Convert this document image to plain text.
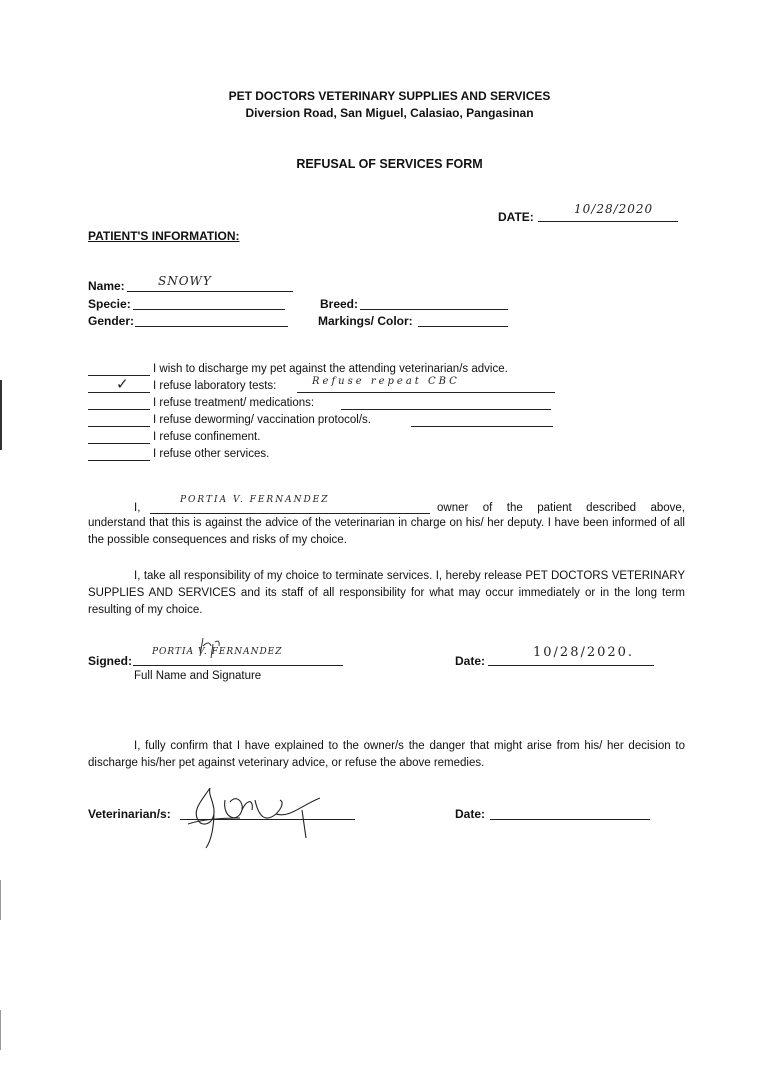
PET DOCTORS VETERINARY SUPPLIES AND SERVICES
Diversion Road, San Miguel, Calasiao, Pangasinan
REFUSAL OF SERVICES FORM
DATE:
10/28/2020
PATIENT'S INFORMATION:
Name:	SNOWY
Specie:
Gender:
Breed:
Markings/ Color:
I wish to discharge my pet against the attending veterinarian/s advice.
✓ I refuse laboratory tests:	Refuse repeat CBC
I refuse treatment/ medications:
I refuse deworming/ vaccination protocol/s.
I refuse confinement.
I refuse other services.
I,
PORTIA V. FERNANDEZ
owner of the patient described above,
understand that this is against the advice of the veterinarian in charge on his/ her deputy. I have been informed of all the possible consequences and risks of my choice.
I, take all responsibility of my choice to terminate services. I, hereby release PET DOCTORS VETERINARY SUPPLIES AND SERVICES and its staff of all responsibility for what may occur immediately or in the long term resulting of my choice.
Signed:
PORTIA V. FERNANDEZ
Full Name and Signature
Date:
10/28/2020.
I, fully confirm that I have explained to the owner/s the danger that might arise from his/ her decision to discharge his/her pet against veterinary advice, or refuse the above remedies.
Veterinarian/s:	Date:
